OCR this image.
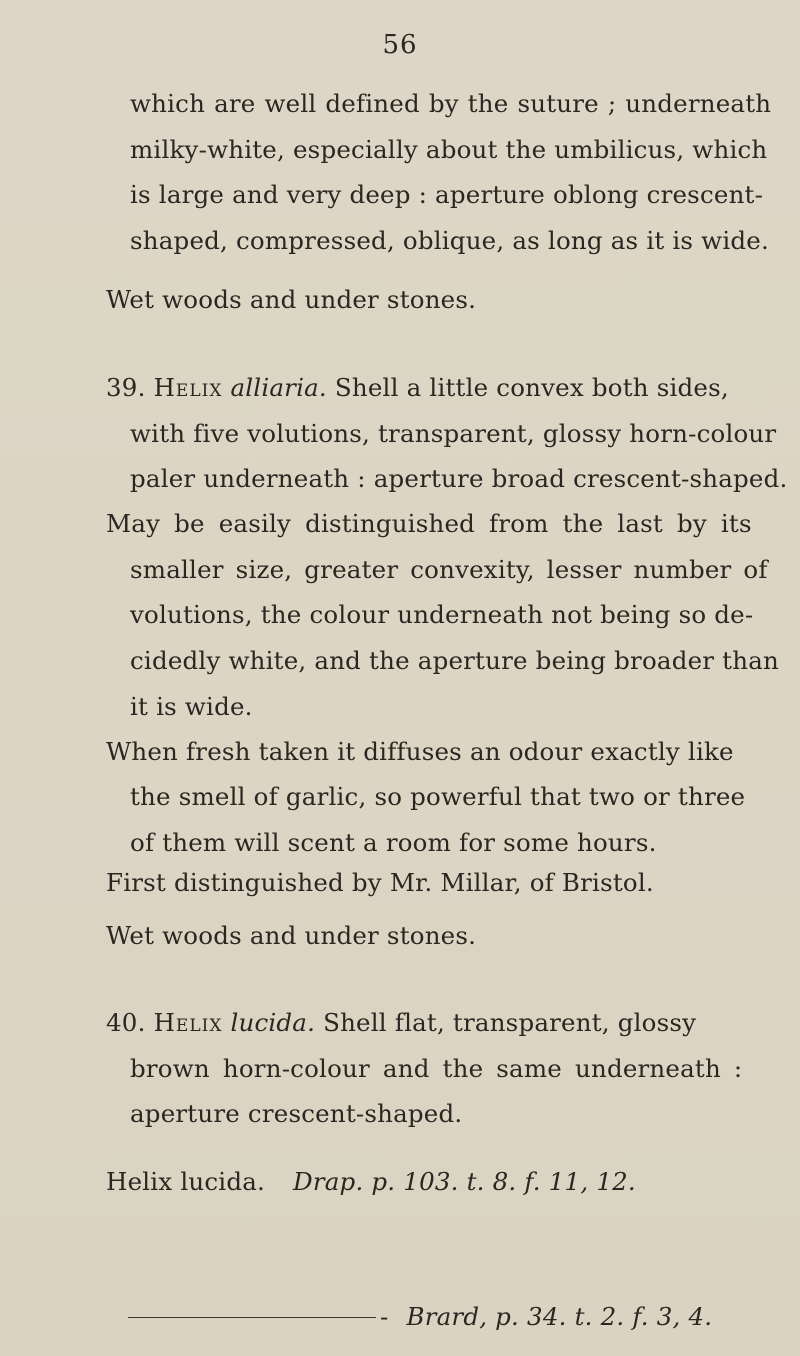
56
which are well defined by the suture ; underneath
milky-white, especially about the umbilicus, which
is large and very deep : aperture oblong crescent-
shaped, compressed, oblique, as long as it is wide.
Wet woods and under stones.
39. Helix alliaria. Shell a little convex both sides,
with five volutions, transparent, glossy horn-colour
paler underneath : aperture broad crescent-shaped.
May be easily distinguished from the last by its
smaller size, greater convexity, lesser number of
volutions, the colour underneath not being so de-
cidedly white, and the aperture being broader than
it is wide.
When fresh taken it diffuses an odour exactly like
the smell of garlic, so powerful that two or three
of them will scent a room for some hours.
First distinguished by Mr. Millar, of Bristol.
Wet woods and under stones.
40. Helix lucida. Shell flat, transparent, glossy
brown horn-colour and the same underneath :
aperture crescent-shaped.
Helix lucida. Drap. p. 103. t. 8. f. 11, 12.
- Brard, p. 34. t. 2. f. 3, 4.
